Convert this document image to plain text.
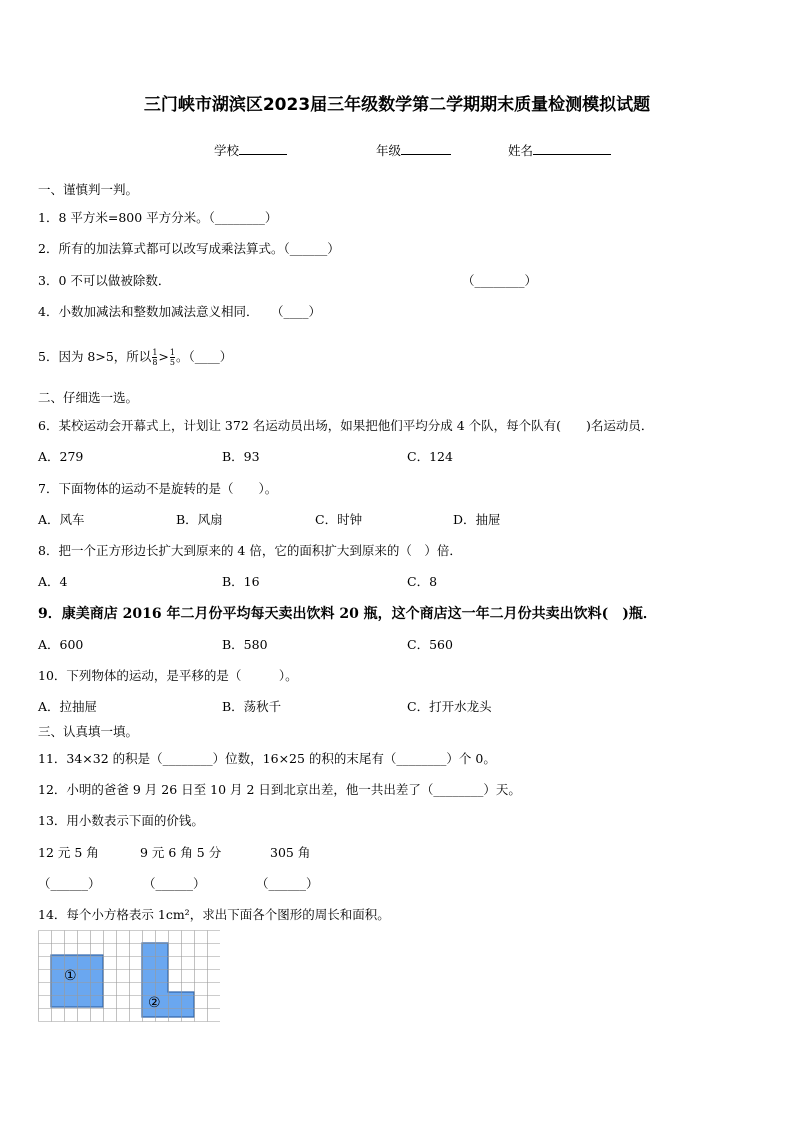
三门峡市湖滨区2023届三年级数学第二学期期末质量检测模拟试题
学校	年级	姓名
一、谨慎判一判。
1．8 平方米=800 平方分米。（________）
2．所有的加法算式都可以改写成乘法算式。（______）
3．0 不可以做被除数．	（________）
4．小数加减法和整数加减法意义相同．　　（____）
5．因为 8>5，所以 $\frac{1}{8} > \frac{1}{5}$ 。（____）
二、仔细选一选。
6．某校运动会开幕式上，计划让 372 名运动员出场，如果把他们平均分成 4 个队，每个队有(　　)名运动员．
A．279	B．93	C．124
7．下面物体的运动不是旋转的是（　　）。
A．风车	B．风扇	C．时钟	D．抽屉
8．把一个正方形边长扩大到原来的 4 倍，它的面积扩大到原来的（　）倍．
A．4	B．16	C．8
9．康美商店 2016 年二月份平均每天卖出饮料 20 瓶，这个商店这一年二月份共卖出饮料(　)瓶．
A．600	B．580	C．560
10．下列物体的运动，是平移的是（　　　）。
A．拉抽屉	B．荡秋千	C．打开水龙头
三、认真填一填。
11．34×32 的积是（________）位数，16×25 的积的末尾有（________）个 0。
12．小明的爸爸 9 月 26 日至 10 月 2 日到北京出差，他一共出差了（________）天。
13．用小数表示下面的价钱。
12 元 5 角	9 元 6 角 5 分	305 角
（______）	（______）	（______）
14．每个小方格表示 1cm²，求出下面各个图形的周长和面积。
①
②
